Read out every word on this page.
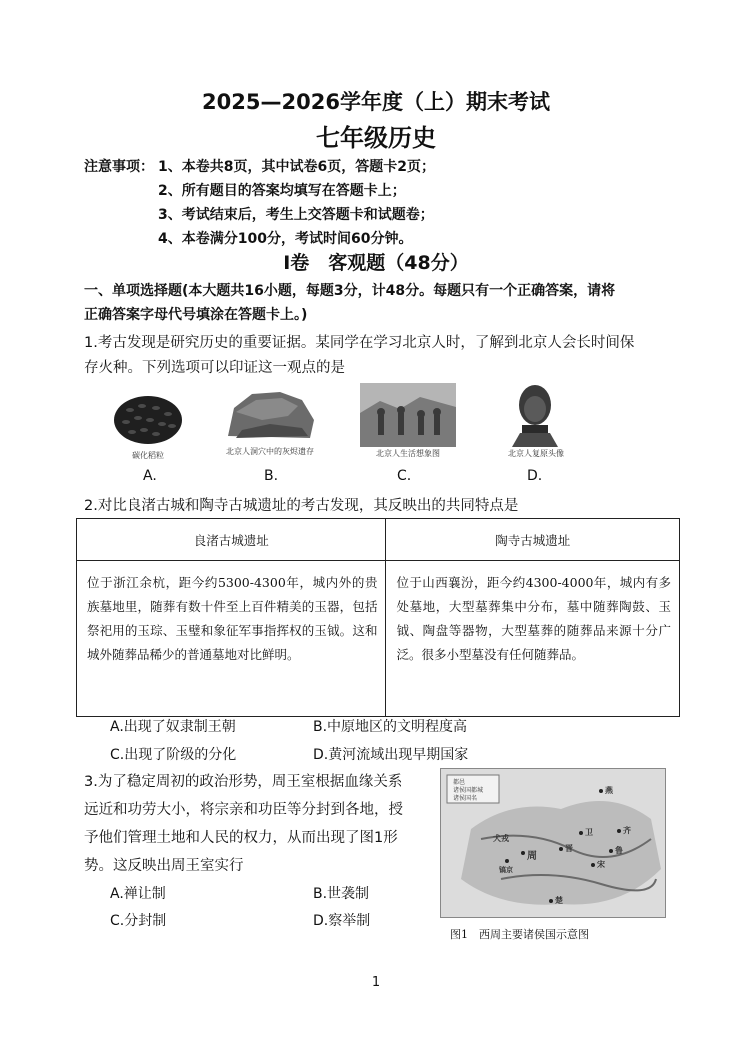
2025—2026学年度（上）期末考试
七年级历史
注意事项： 1、本卷共8页，其中试卷6页，答题卡2页；
2、所有题目的答案均填写在答题卡上；
3、考试结束后，考生上交答题卡和试题卷；
4、本卷满分100分，考试时间60分钟。
Ⅰ卷　客观题（48分）
一、单项选择题(本大题共16小题，每题3分，计48分。每题只有一个正确答案，请将
正确答案字母代号填涂在答题卡上。)
1.考古发现是研究历史的重要证据。某同学在学习北京人时，了解到北京人会长时间保
存火种。下列选项可以印证这一观点的是
碳化稻粒	北京人洞穴中的灰烬遗存	北京人生活想象图	北京人复原头像
A.	B.	C.	D.
2.对比良渚古城和陶寺古城遗址的考古发现，其反映出的共同特点是
良渚古城遗址	陶寺古城遗址
位于浙江余杭，距今约5300-4300年，城内外的贵族墓地里，随葬有数十件至上百件精美的玉器，包括祭祀用的玉琮、玉璧和象征军事指挥权的玉钺。这和城外随葬品稀少的普通墓地对比鲜明。	位于山西襄汾，距今约4300-4000年，城内有多处墓地，大型墓葬集中分布，墓中随葬陶鼓、玉钺、陶盘等器物，大型墓葬的随葬品来源十分广泛。很多小型墓没有任何随葬品。
A.出现了奴隶制王朝	B.中原地区的文明程度高
C.出现了阶级的分化	D.黄河流域出现早期国家
3.为了稳定周初的政治形势，周王室根据血缘关系
远近和功劳大小，将宗亲和功臣等分封到各地，授
予他们管理土地和人民的权力，从而出现了图1形
势。这反映出周王室实行
A.禅让制	B.世袭制
C.分封制	D.察举制
都邑
诸侯国都城
诸侯国名
燕
齐
卫
晋	鲁
宋
周
犬戎
镐京
楚
图1　西周主要诸侯国示意图
1
